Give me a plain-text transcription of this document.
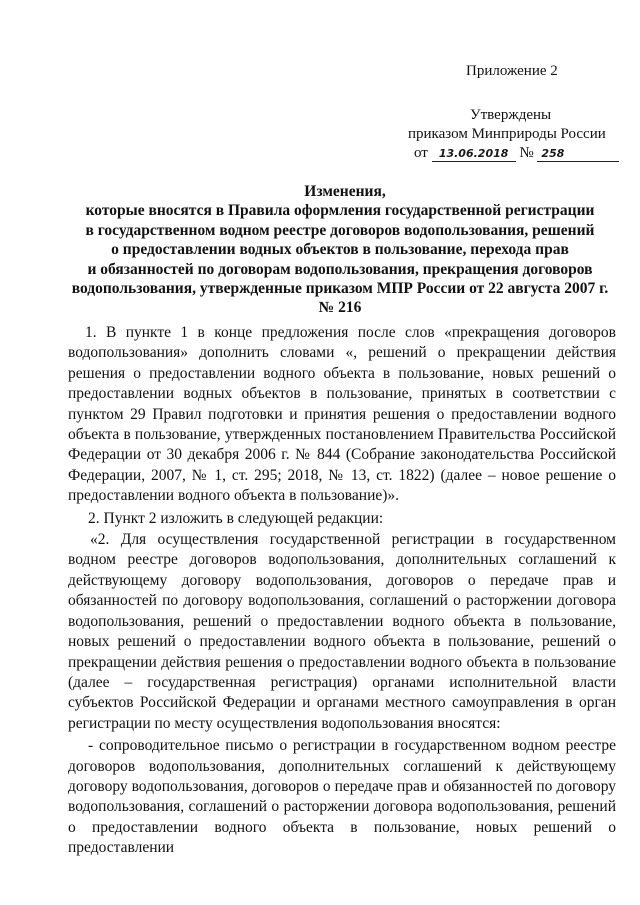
Приложение 2
Утверждены
приказом Минприроды России
от 13.06.2018 № 258
Изменения,
которые вносятся в Правила оформления государственной регистрации
в государственном водном реестре договоров водопользования, решений
о предоставлении водных объектов в пользование, перехода прав
и обязанностей по договорам водопользования, прекращения договоров
водопользования, утвержденные приказом МПР России от 22 августа 2007 г.
№ 216

1. В пункте 1 в конце предложения после слов «прекращения договоров водопользования» дополнить словами «, решений о прекращении действия решения о предоставлении водного объекта в пользование, новых решений о предоставлении водных объектов в пользование, принятых в соответствии с пунктом 29 Правил подготовки и принятия решения о предоставлении водного объекта в пользование, утвержденных постановлением Правительства Российской Федерации от 30 декабря 2006 г. № 844 (Собрание законодательства Российской Федерации, 2007, № 1, ст. 295; 2018, № 13, ст. 1822) (далее – новое решение о предоставлении водного объекта в пользование)».

2. Пункт 2 изложить в следующей редакции:

«2. Для осуществления государственной регистрации в государственном водном реестре договоров водопользования, дополнительных соглашений к действующему договору водопользования, договоров о передаче прав и обязанностей по договору водопользования, соглашений о расторжении договора водопользования, решений о предоставлении водного объекта в пользование, новых решений о предоставлении водного объекта в пользование, решений о прекращении действия решения о предоставлении водного объекта в пользование (далее – государственная регистрация) органами исполнительной власти субъектов Российской Федерации и органами местного самоуправления в орган регистрации по месту осуществления водопользования вносятся:

- сопроводительное письмо о регистрации в государственном водном реестре договоров водопользования, дополнительных соглашений к действующему договору водопользования, договоров о передаче прав и обязанностей по договору водопользования, соглашений о расторжении договора водопользования, решений о предоставлении водного объекта в пользование, новых решений о предоставлении
